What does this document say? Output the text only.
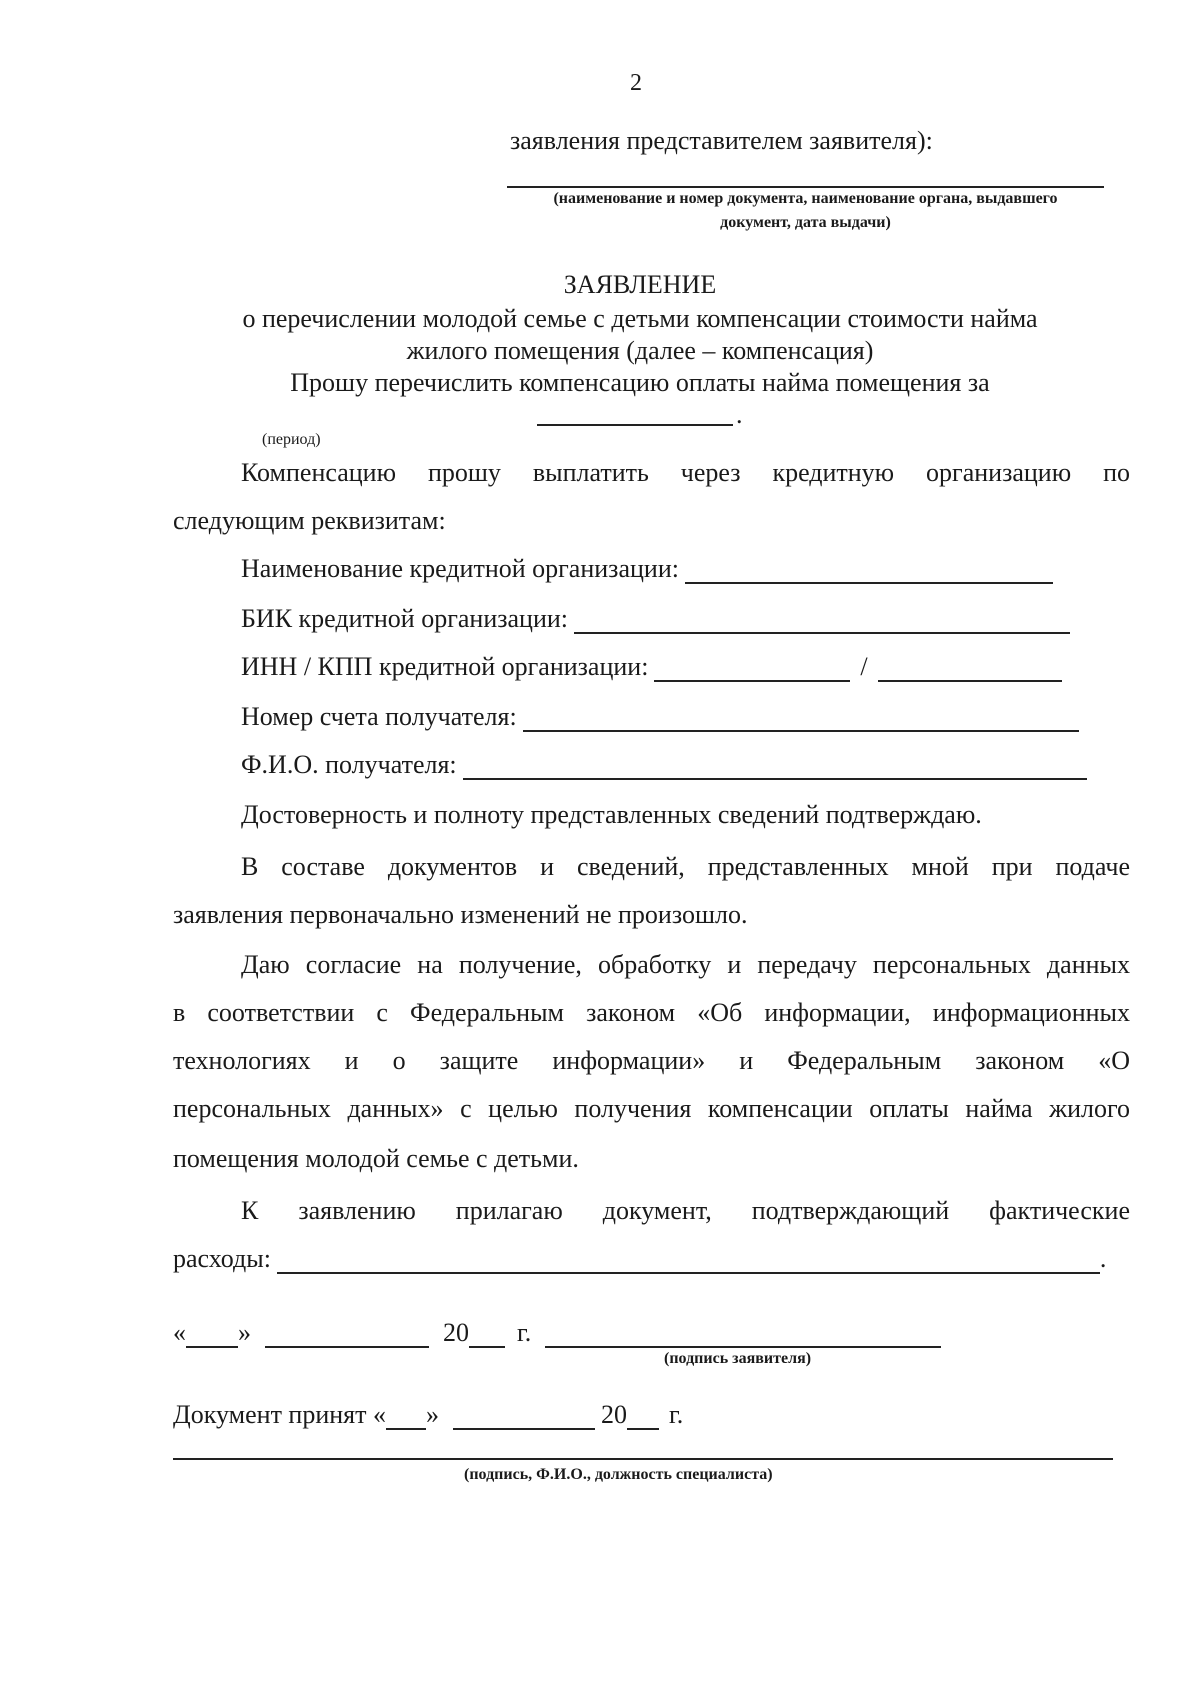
2
заявления представителем заявителя):
(наименование и номер документа, наименование органа, выдавшего
документ, дата выдачи)
ЗАЯВЛЕНИЕ
о перечислении молодой семье с детьми компенсации стоимости найма
жилого помещения (далее – компенсация)
Прошу перечислить компенсацию оплаты найма помещения за
.
(период)
Компенсацию прошу выплатить через кредитную организацию по
следующим реквизитам:
Наименование кредитной организации:
БИК кредитной организации:
ИНН / КПП кредитной организации:	/
Номер счета получателя:
Ф.И.О. получателя:
Достоверность и полноту представленных сведений подтверждаю.
В составе документов и сведений, представленных мной при подаче
заявления первоначально изменений не произошло.
Даю согласие на получение, обработку и передачу персональных данных
в соответствии с Федеральным законом «Об информации, информационных
технологиях и о защите информации» и Федеральным законом «О
персональных данных» с целью получения компенсации оплаты найма жилого
помещения молодой семье с детьми.
К заявлению прилагаю документ, подтверждающий фактические
расходы:	.
« »	20 г.
(подпись заявителя)
Документ принят « »	20 г.
(подпись, Ф.И.О., должность специалиста)
